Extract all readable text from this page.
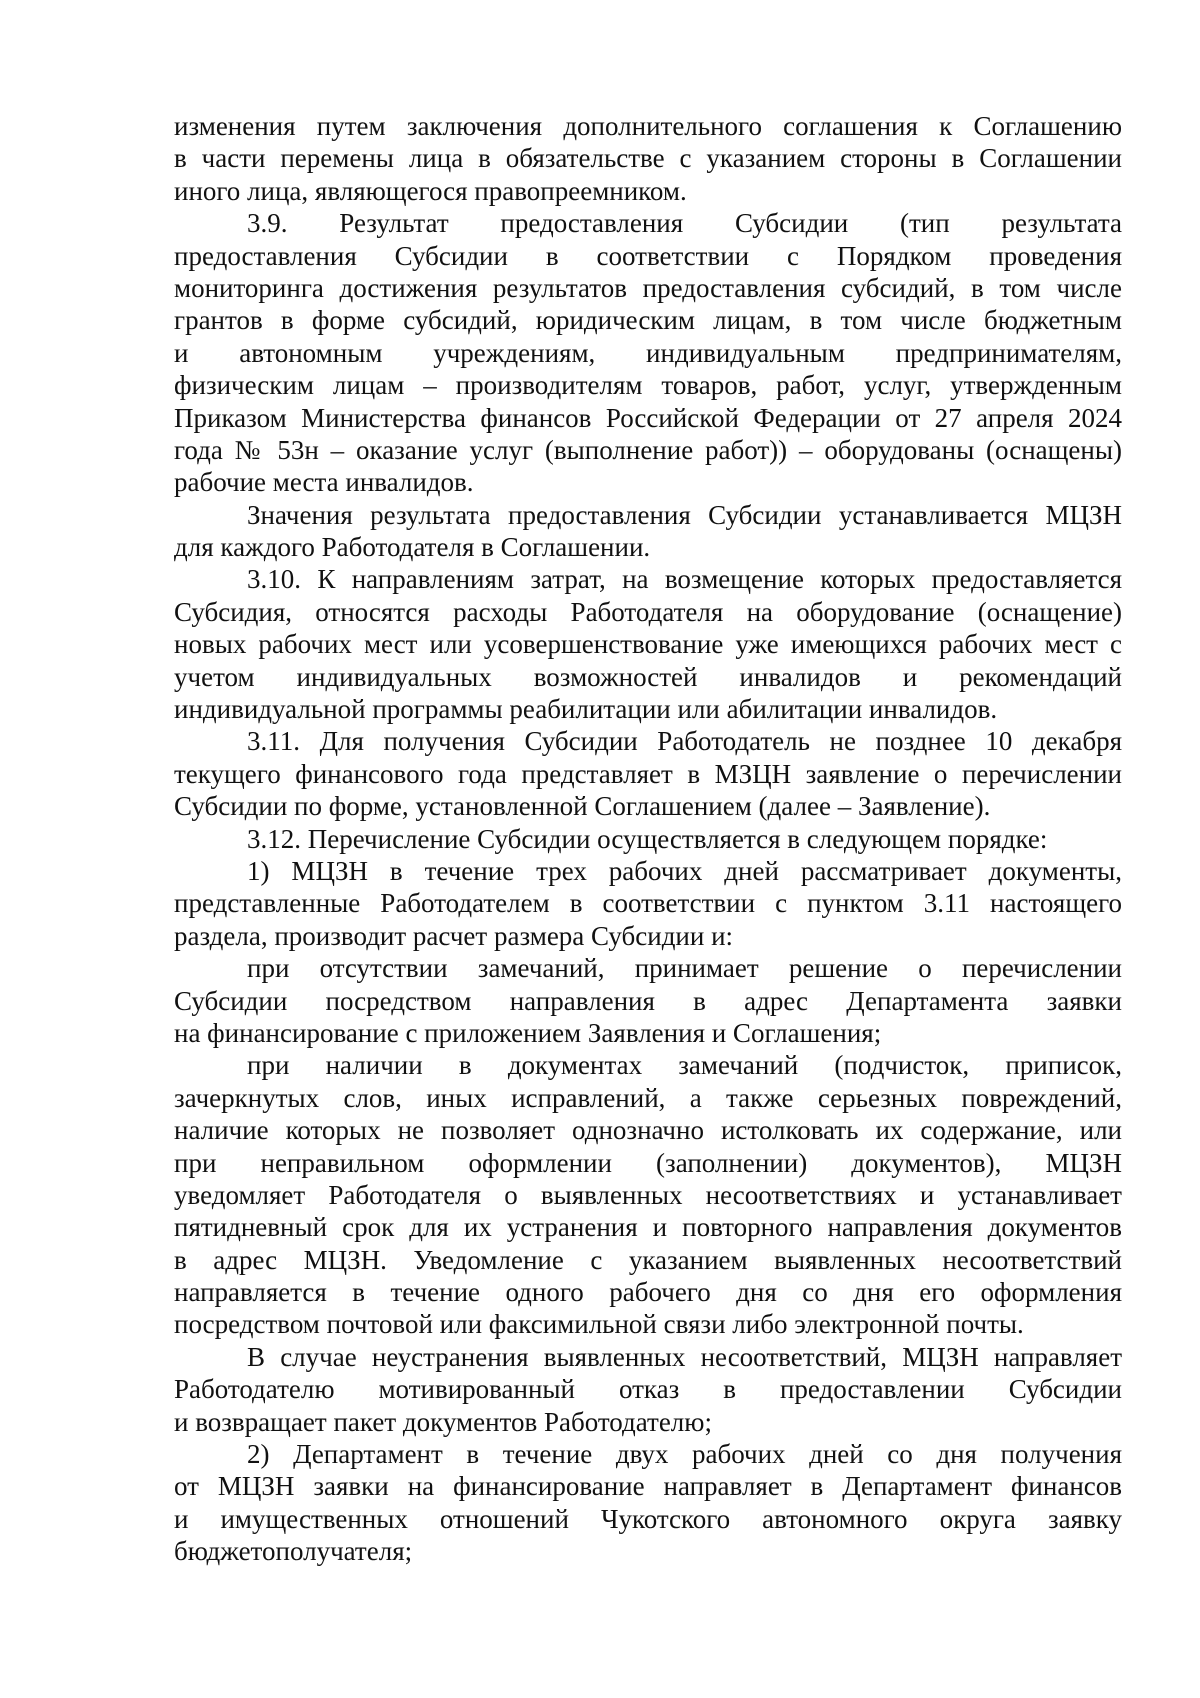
изменения путем заключения дополнительного соглашения к Соглашению
в части перемены лица в обязательстве с указанием стороны в Соглашении
иного лица, являющегося правопреемником.
3.9. Результат предоставления Субсидии (тип результата
предоставления Субсидии в соответствии с Порядком проведения
мониторинга достижения результатов предоставления субсидий, в том числе
грантов в форме субсидий, юридическим лицам, в том числе бюджетным
и автономным учреждениям, индивидуальным предпринимателям,
физическим лицам – производителям товаров, работ, услуг, утвержденным
Приказом Министерства финансов Российской Федерации от 27 апреля 2024
года № 53н – оказание услуг (выполнение работ)) – оборудованы (оснащены)
рабочие места инвалидов.
Значения результата предоставления Субсидии устанавливается МЦЗН
для каждого Работодателя в Соглашении.
3.10. К направлениям затрат, на возмещение которых предоставляется
Субсидия, относятся расходы Работодателя на оборудование (оснащение)
новых рабочих мест или усовершенствование уже имеющихся рабочих мест с
учетом индивидуальных возможностей инвалидов и рекомендаций
индивидуальной программы реабилитации или абилитации инвалидов.
3.11. Для получения Субсидии Работодатель не позднее 10 декабря
текущего финансового года представляет в МЗЦН заявление о перечислении
Субсидии по форме, установленной Соглашением (далее – Заявление).
3.12. Перечисление Субсидии осуществляется в следующем порядке:
1) МЦЗН в течение трех рабочих дней рассматривает документы,
представленные Работодателем в соответствии с пунктом 3.11 настоящего
раздела, производит расчет размера Субсидии и:
при отсутствии замечаний, принимает решение о перечислении
Субсидии посредством направления в адрес Департамента заявки
на финансирование с приложением Заявления и Соглашения;
при наличии в документах замечаний (подчисток, приписок,
зачеркнутых слов, иных исправлений, а также серьезных повреждений,
наличие которых не позволяет однозначно истолковать их содержание, или
при неправильном оформлении (заполнении) документов), МЦЗН
уведомляет Работодателя о выявленных несоответствиях и устанавливает
пятидневный срок для их устранения и повторного направления документов
в адрес МЦЗН. Уведомление с указанием выявленных несоответствий
направляется в течение одного рабочего дня со дня его оформления
посредством почтовой или факсимильной связи либо электронной почты.
В случае неустранения выявленных несоответствий, МЦЗН направляет
Работодателю мотивированный отказ в предоставлении Субсидии
и возвращает пакет документов Работодателю;
2) Департамент в течение двух рабочих дней со дня получения
от МЦЗН заявки на финансирование направляет в Департамент финансов
и имущественных отношений Чукотского автономного округа заявку
бюджетополучателя;
